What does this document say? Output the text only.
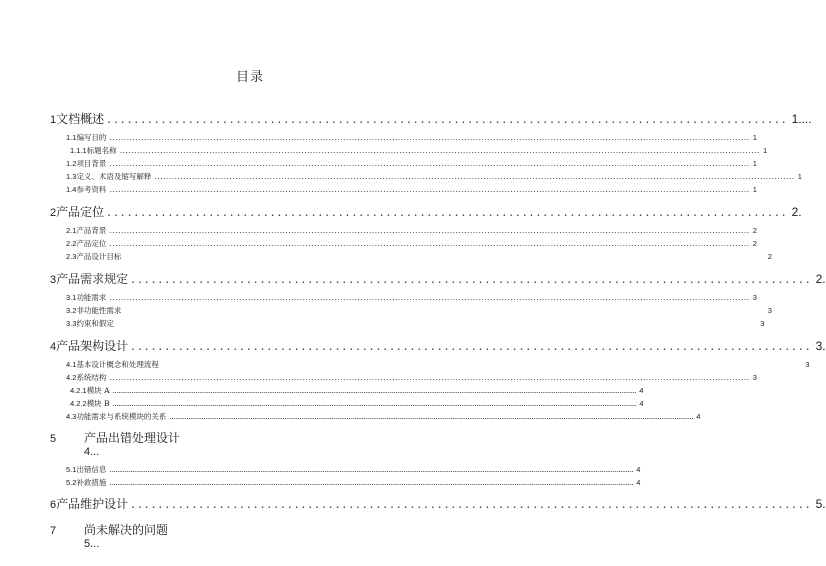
目录
1 文档概述 .................................................................................................... 1....
1.1 编写目的 .............................................................................................................................................................................................................................. 1
1.1.1 标题名称 .............................................................................................................................................................................................................................. 1
1.2 项目背景 .............................................................................................................................................................................................................................. 1
1.3 定义、术语及缩写解释 .............................................................................................................................................................................................................................. 1
1.4 参考资料 .............................................................................................................................................................................................................................. 1
2 产品定位 .................................................................................................... 2.
2.1 产品背景 .............................................................................................................................................................................................................................. 2
2.2 产品定位 .............................................................................................................................................................................................................................. 2
2.3 产品设计目标	2
3 产品需求规定 .................................................................................................... 2.
3.1 功能需求 .............................................................................................................................................................................................................................. 3
3.2 非功能性需求	3
3.3 约束和假定	3
4 产品架构设计 .................................................................................................... 3.
4.1 基本设计概念和处理流程	3
4.2 系统结构 .............................................................................................................................................................................................................................. 3
4.2.1 模块 A ...................................................................................................................................................................................................................................................................................... 4
4.2.2 模块 B ...................................................................................................................................................................................................................................................................................... 4
4.3 功能需求与系统模块的关系 ...................................................................................................................................................................................................................................................................................... 4
5	产品出错处理设计
4...
5.1 出错信息 ...................................................................................................................................................................................................................................................................................... 4
5.2 补救措施 ...................................................................................................................................................................................................................................................................................... 4
6 产品维护设计 .................................................................................................... 5.
7	尚未解决的问题
5...
